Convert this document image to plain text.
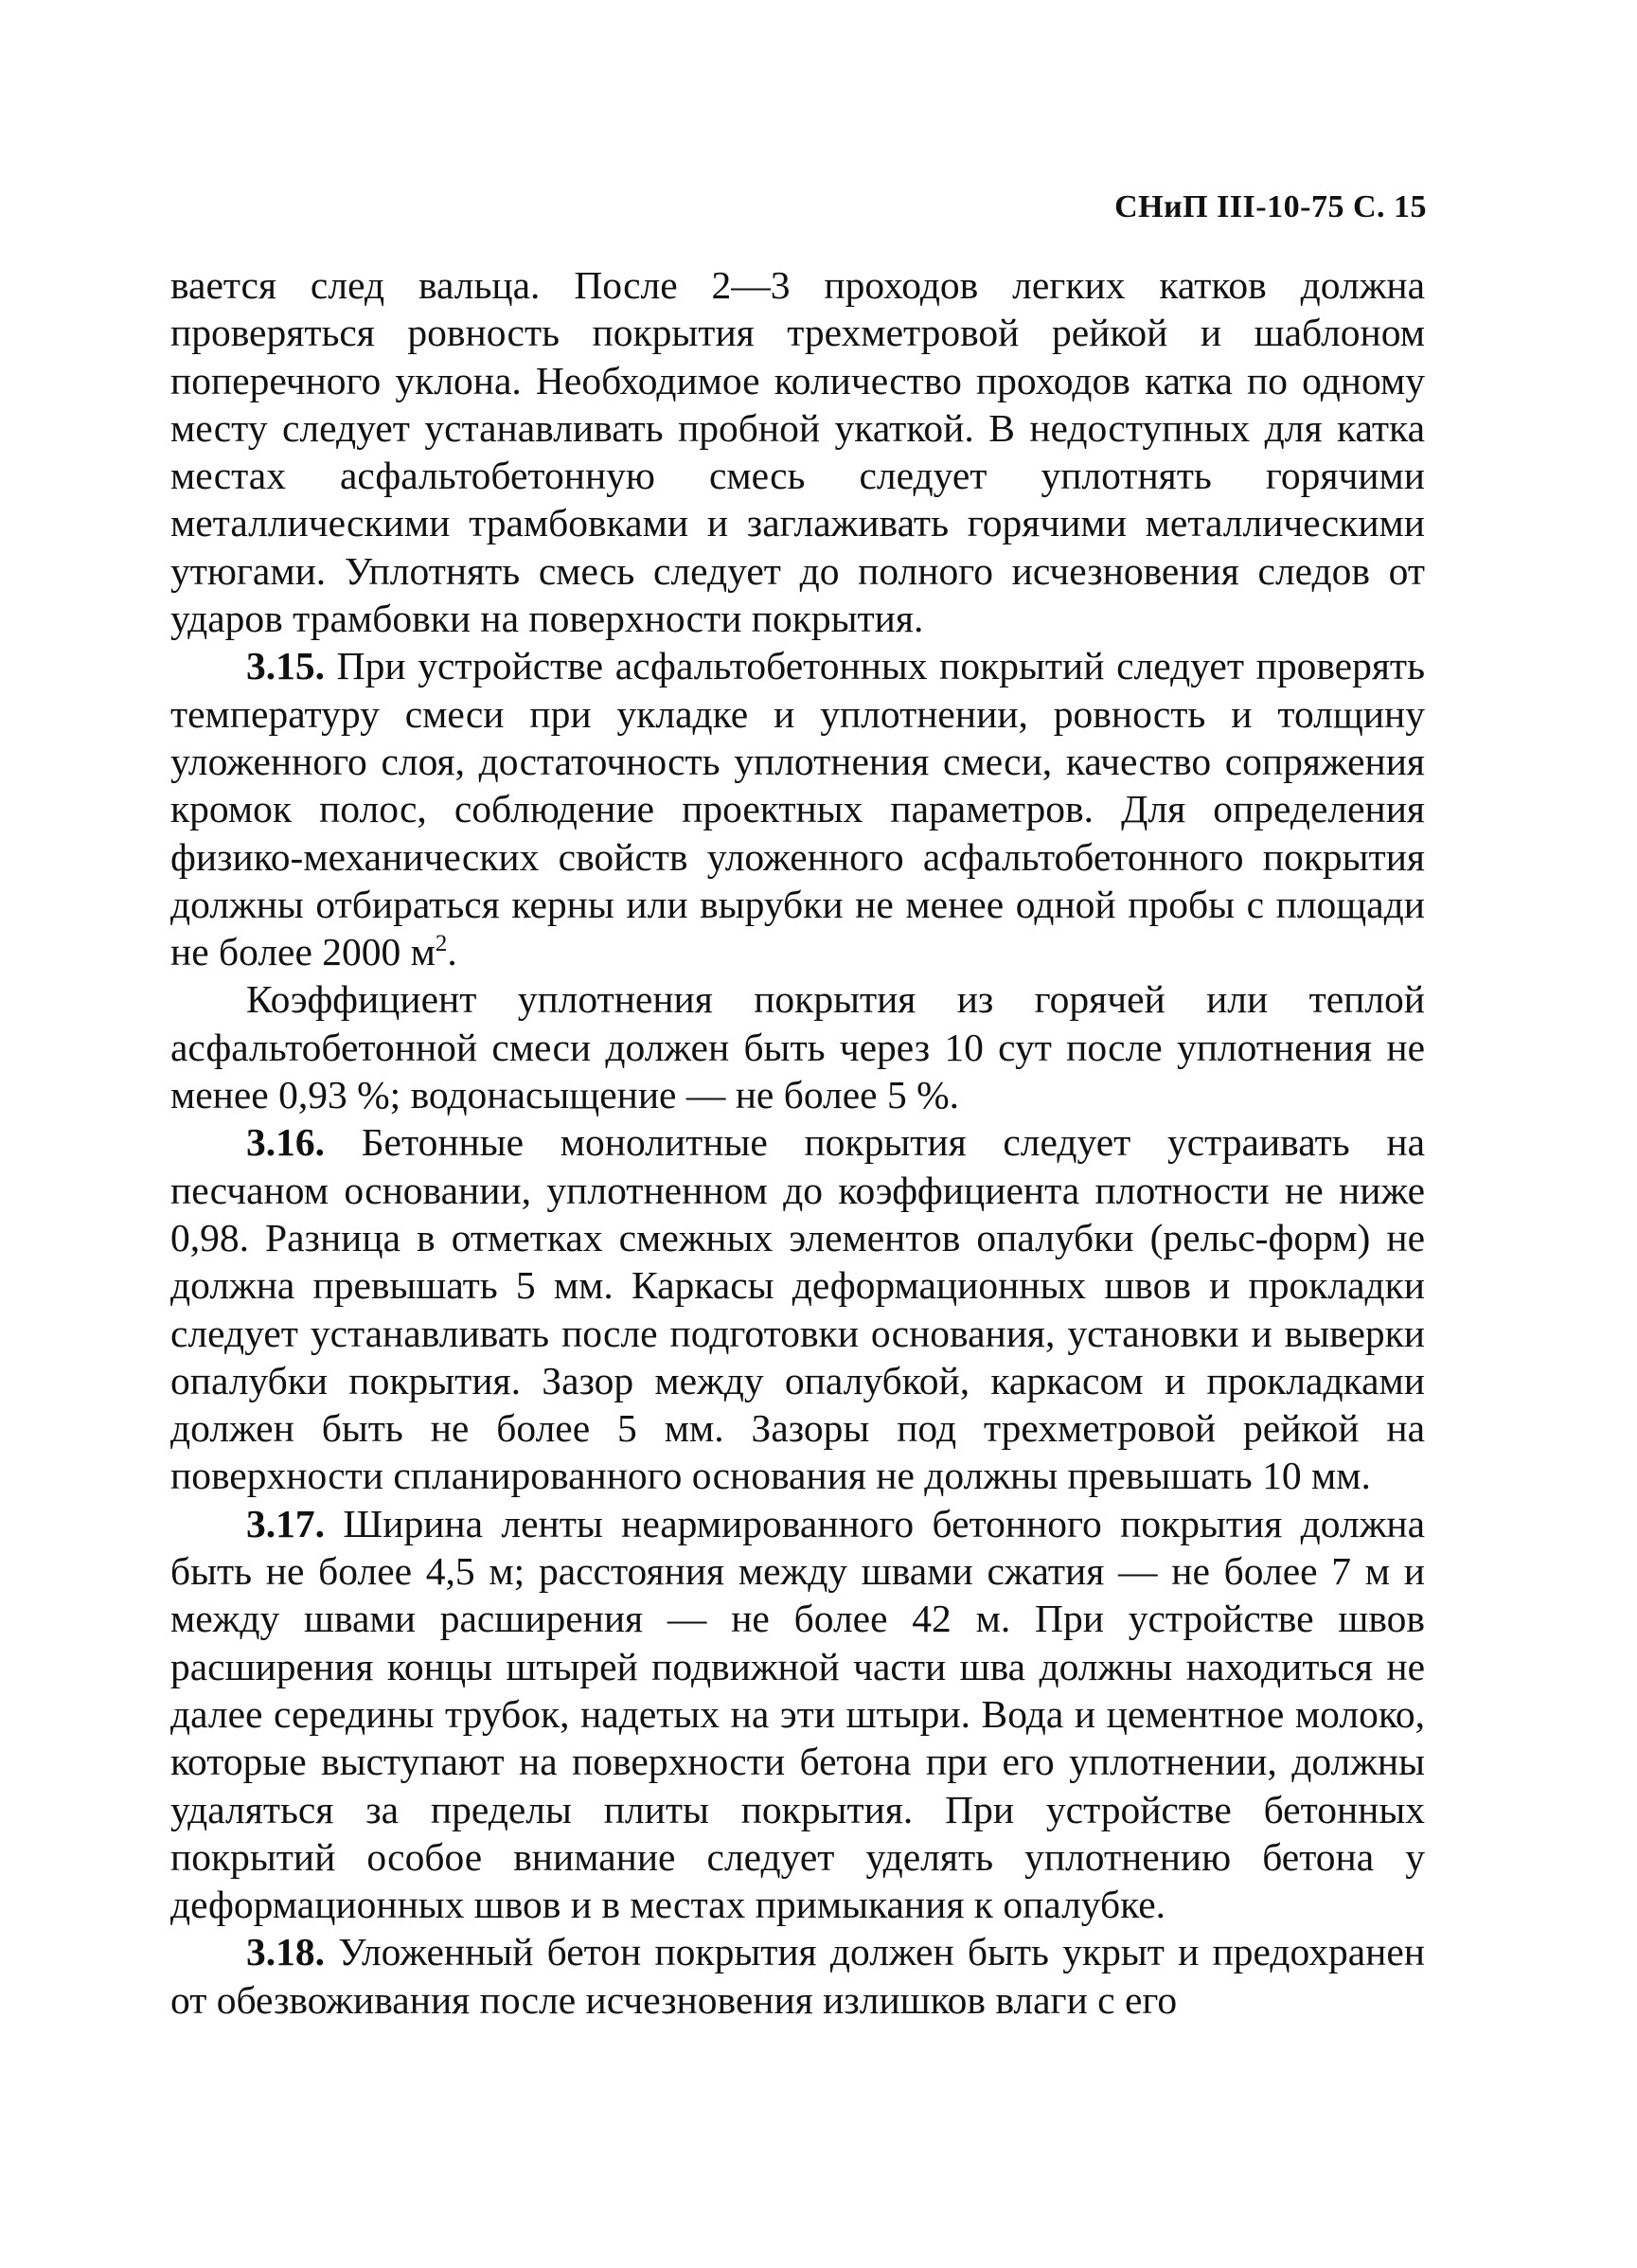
СНиП III-10-75 С. 15

вается след вальца. После 2—3 проходов легких катков должна проверяться ровность покрытия трехметровой рейкой и шаблоном поперечного уклона. Необходимое количество проходов катка по одному месту следует устанавливать пробной укаткой. В недоступных для катка местах асфальтобетонную смесь следует уплотнять горячими металлическими трамбовками и заглаживать горячими металлическими утюгами. Уплотнять смесь следует до полного исчезновения следов от ударов трамбовки на поверхности покрытия.

3.15. При устройстве асфальтобетонных покрытий следует проверять температуру смеси при укладке и уплотнении, ровность и толщину уложенного слоя, достаточность уплотнения смеси, качество сопряжения кромок полос, соблюдение проектных параметров. Для определения физико-механических свойств уложенного асфальтобетонного покрытия должны отбираться керны или вырубки не менее одной пробы с площади не более 2000 $м^2$.

Коэффициент уплотнения покрытия из горячей или теплой асфальтобетонной смеси должен быть через 10 сут после уплотнения не менее 0,93 %; водонасыщение — не более 5 %.

3.16. Бетонные монолитные покрытия следует устраивать на песчаном основании, уплотненном до коэффициента плотности не ниже 0,98. Разница в отметках смежных элементов опалубки (рельс-форм) не должна превышать 5 мм. Каркасы деформационных швов и прокладки следует устанавливать после подготовки основания, установки и выверки опалубки покрытия. Зазор между опалубкой, каркасом и прокладками должен быть не более 5 мм. Зазоры под трехметровой рейкой на поверхности спланированного основания не должны превышать 10 мм.

3.17. Ширина ленты неармированного бетонного покрытия должна быть не более 4,5 м; расстояния между швами сжатия — не более 7 м и между швами расширения — не более 42 м. При устройстве швов расширения концы штырей подвижной части шва должны находиться не далее середины трубок, надетых на эти штыри. Вода и цементное молоко, которые выступают на поверхности бетона при его уплотнении, должны удаляться за пределы плиты покрытия. При устройстве бетонных покрытий особое внимание следует уделять уплотнению бетона у деформационных швов и в местах примыкания к опалубке.

3.18. Уложенный бетон покрытия должен быть укрыт и предохранен от обезвоживания после исчезновения излишков влаги с его
